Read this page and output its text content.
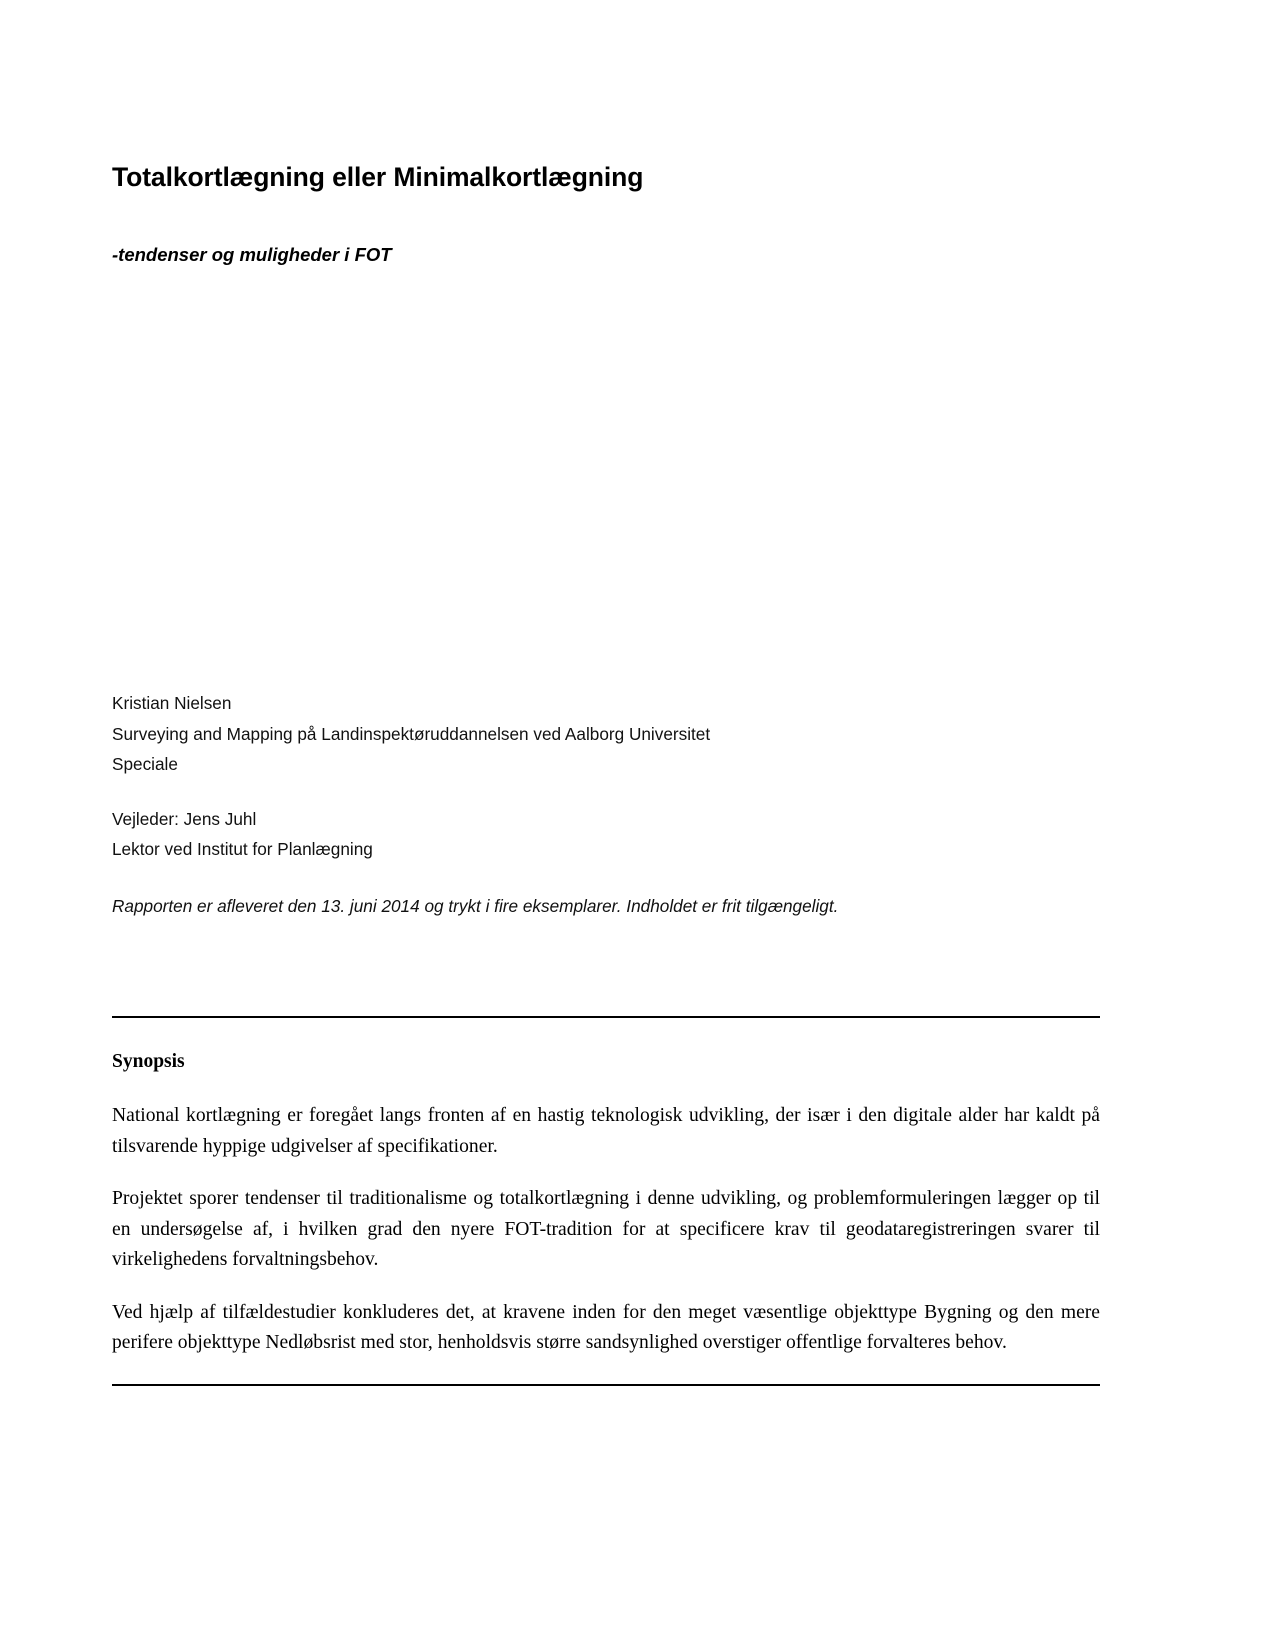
Totalkortlægning eller Minimalkortlægning
-tendenser og muligheder i FOT

Kristian Nielsen

Surveying and Mapping på Landinspektøruddannelsen ved Aalborg Universitet

Speciale

Vejleder: Jens Juhl

Lektor ved Institut for Planlægning

Rapporten er afleveret den 13. juni 2014 og trykt i fire eksemplarer. Indholdet er frit tilgængeligt.

Synopsis

National kortlægning er foregået langs fronten af en hastig teknologisk udvikling, der især i den digitale alder har kaldt på tilsvarende hyppige udgivelser af specifikationer.

Projektet sporer tendenser til traditionalisme og totalkortlægning i denne udvikling, og problemformuleringen lægger op til en undersøgelse af, i hvilken grad den nyere FOT-tradition for at specificere krav til geodataregistreringen svarer til virkelighedens forvaltningsbehov.

Ved hjælp af tilfældestudier konkluderes det, at kravene inden for den meget væsentlige objekttype Bygning og den mere perifere objekttype Nedløbsrist med stor, henholdsvis større sandsynlighed overstiger offentlige forvalteres behov.
